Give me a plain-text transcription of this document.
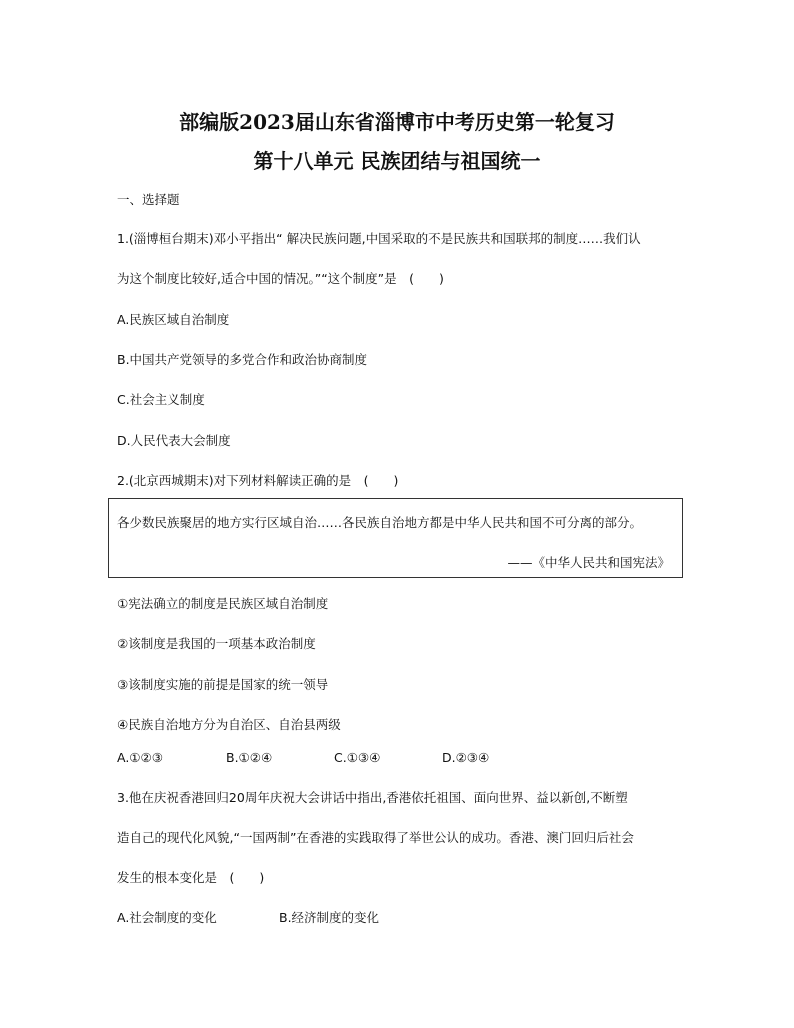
部编版2023届山东省淄博市中考历史第一轮复习
第十八单元 民族团结与祖国统一
一、选择题
1.(淄博桓台期末)邓小平指出“ 解决民族问题,中国采取的不是民族共和国联邦的制度……我们认
为这个制度比较好,适合中国的情况。”“这个制度”是　(　　)
A.民族区域自治制度
B.中国共产党领导的多党合作和政治协商制度
C.社会主义制度
D.人民代表大会制度
2.(北京西城期末)对下列材料解读正确的是　(　　)
各少数民族聚居的地方实行区域自治……各民族自治地方都是中华人民共和国不可分离的部分。
——《中华人民共和国宪法》
①宪法确立的制度是民族区域自治制度
②该制度是我国的一项基本政治制度
③该制度实施的前提是国家的统一领导
④民族自治地方分为自治区、自治县两级
A.①②③	B.①②④	C.①③④	D.②③④
3.他在庆祝香港回归20周年庆祝大会讲话中指出,香港依托祖国、面向世界、益以新创,不断塑
造自己的现代化风貌,“一国两制”在香港的实践取得了举世公认的成功。香港、澳门回归后社会
发生的根本变化是　(　　)
A.社会制度的变化	B.经济制度的变化
